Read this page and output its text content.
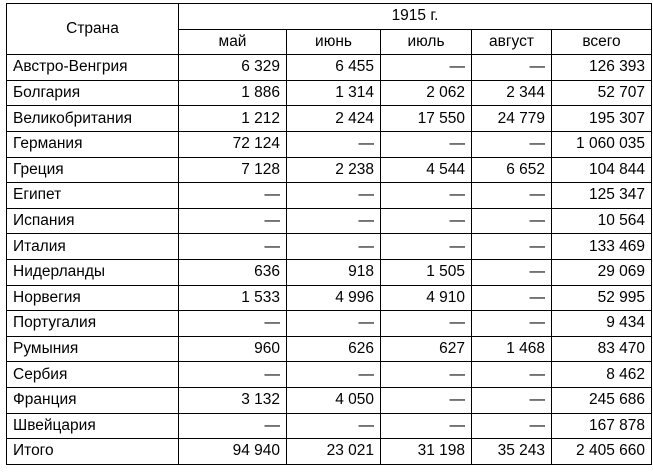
Страна	1915 г.				
	май	июнь	июль	август	всего
Австро-Венгрия	6 329	6 455	—	—	126 393
Болгария	1 886	1 314	2 062	2 344	52 707
Великобритания	1 212	2 424	17 550	24 779	195 307
Германия	72 124	—	—	—	1 060 035
Греция	7 128	2 238	4 544	6 652	104 844
Египет	—	—	—	—	125 347
Испания	—	—	—	—	10 564
Италия	—	—	—	—	133 469
Нидерланды	636	918	1 505	—	29 069
Норвегия	1 533	4 996	4 910	—	52 995
Португалия	—	—	—	—	9 434
Румыния	960	626	627	1 468	83 470
Сербия	—	—	—	—	8 462
Франция	3 132	4 050	—	—	245 686
Швейцария	—	—	—	—	167 878
Итого	94 940	23 021	31 198	35 243	2 405 660
